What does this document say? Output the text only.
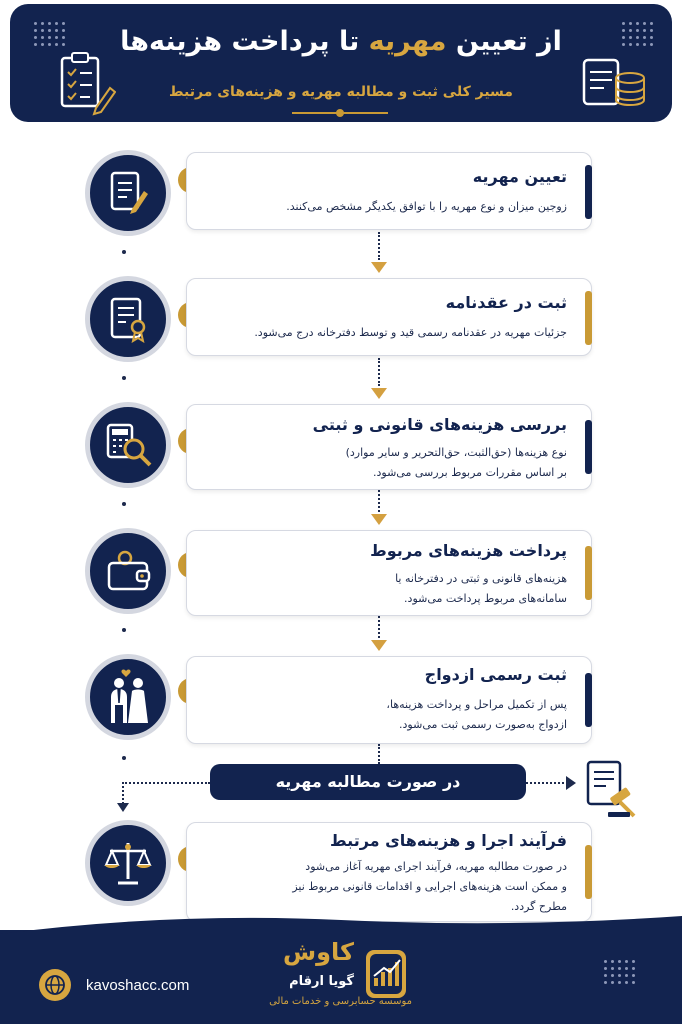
از تعیین مهریه تا پرداخت هزینه‌ها
مسیر کلی ثبت و مطالبه مهریه و هزینه‌های مرتبط
تعیین مهریه

زوجین میزان و نوع مهریه را با توافق یکدیگر مشخص می‌کنند.

ثبت در عقدنامه

جزئیات مهریه در عقدنامه رسمی قید و توسط دفترخانه درج می‌شود.

بررسی هزینه‌های قانونی و ثبتی

نوع هزینه‌ها (حق‌الثبت، حق‌التحریر و سایر موارد)
بر اساس مقررات مربوط بررسی می‌شود.

پرداخت هزینه‌های مربوط

هزینه‌های قانونی و ثبتی در دفترخانه یا
سامانه‌های مربوط پرداخت می‌شود.

ثبت رسمی ازدواج

پس از تکمیل مراحل و پرداخت هزینه‌ها،
ازدواج به‌صورت رسمی ثبت می‌شود.

در صورت مطالبه مهریه
فرآیند اجرا و هزینه‌های مرتبط

در صورت مطالبه مهریه، فرآیند اجرای مهریه آغاز می‌شود
و ممکن است هزینه‌های اجرایی و اقدامات قانونی مربوط نیز
مطرح گردد.

kavoshacc.com
کاوش
گویا ارقام
موسسه حسابرسی و خدمات مالی
